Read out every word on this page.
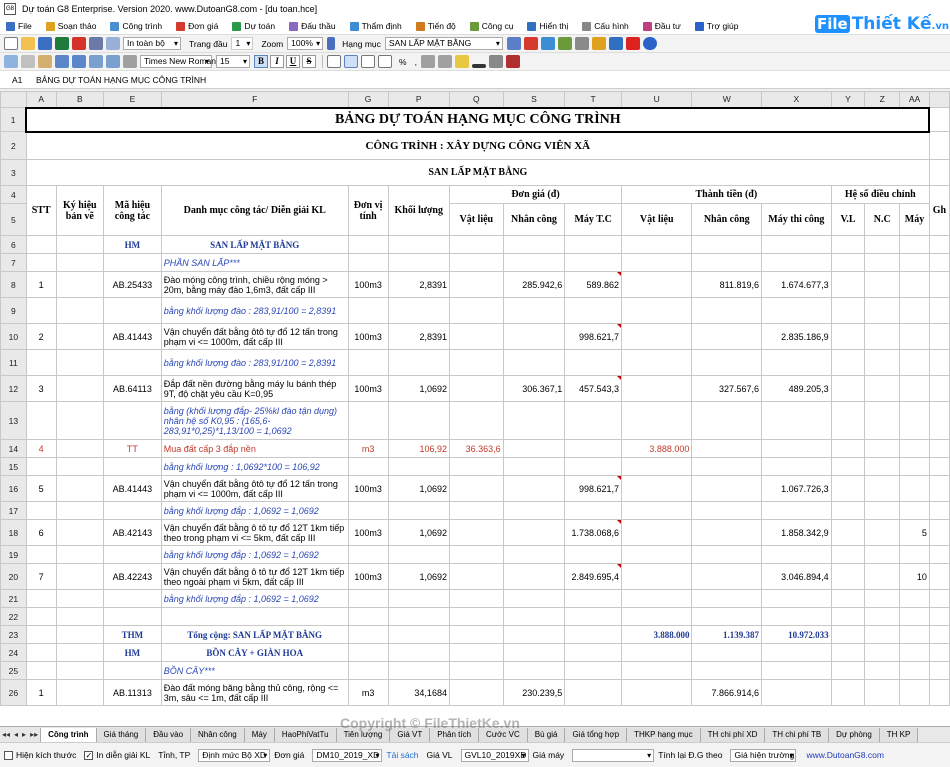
G8 Dự toán G8 Enterprise. Version 2020. www.DutoanG8.com - [du toan.hce]
File	Soạn thảo	Công trình	Đơn giá	Dự toán	Đấu thầu	Thẩm định	Tiến độ	Công cụ	Hiển thị	Cấu hình	Đầu tư	Trợ giúp	File Thiết Kế .vn
In toàn bộ ▾	Trang đầu 1 ▾	Zoom 100% ▾	Hạng mục SAN LẤP MẶT BẰNG ▾
Times New Roman ▾ 15 ▾	B	I	U	S	% ,
A1	BẢNG DỰ TOÁN HẠNG MỤC CÔNG TRÌNH
	A	B	E	F	G	P	Q	S	T	U	W	X	Y	Z	AA	
1	BẢNG DỰ TOÁN HẠNG MỤC CÔNG TRÌNH															
2	CÔNG TRÌNH : XÂY DỰNG CÔNG VIÊN XÃ															
3	SAN LẤP MẶT BẰNG															
4	STT	Ký hiệu bản vẽ	Mã hiệu công tác	Danh mục công tác/ Diễn giải KL	Đơn vị tính	Khối lượng	Đơn giá (đ)			Thành tiền (đ)			Hệ số điều chỉnh			Gh
5							Vật liệu	Nhân công	Máy T.C	Vật liệu	Nhân công	Máy thi công	V.L	N.C	Máy	
6			HM	SAN LẤP MẶT BẰNG												
7				PHẦN SAN LẤP***												
8	1		AB.25433	Đào móng công trình, chiều rộng móng > 20m, bằng máy đào 1,6m3, đất cấp III	100m3	2,8391		285.942,6	589.862		811.819,6	1.674.677,3				
9				bằng khối lượng đào : 283,91/100 = 2,8391												
10	2		AB.41443	Vận chuyển đất bằng ôtô tự đổ 12 tấn trong phạm vi <= 1000m, đất cấp III	100m3	2,8391			998.621,7			2.835.186,9				
11				bằng khối lượng đào : 283,91/100 = 2,8391												
12	3		AB.64113	Đắp đất nền đường bằng máy lu bánh thép 9T, độ chặt yêu cầu K=0,95	100m3	1,0692		306.367,1	457.543,3		327.567,6	489.205,3				
13				bằng (khối lượng đắp- 25%kl đào tận dụng) nhân hệ số K0,95 : (165,6-283,91*0,25)*1,13/100 = 1,0692												
14	4		TT	Mua đất cấp 3 đắp nền	m3	106,92	36.363,6			3.888.000						
15				bằng khối lượng : 1,0692*100 = 106,92												
16	5		AB.41443	Vận chuyển đất bằng ôtô tự đổ 12 tấn trong phạm vi <= 1000m, đất cấp III	100m3	1,0692			998.621,7			1.067.726,3				
17				bằng khối lượng đắp : 1,0692 = 1,0692												
18	6		AB.42143	Vận chuyển đất bằng ô tô tự đổ 12T 1km tiếp theo trong phạm vi <= 5km, đất cấp III	100m3	1,0692			1.738.068,6			1.858.342,9			5	
19				bằng khối lượng đắp : 1,0692 = 1,0692												
20	7		AB.42243	Vận chuyển đất bằng ô tô tự đổ 12T 1km tiếp theo ngoài phạm vi 5km, đất cấp III	100m3	1,0692			2.849.695,4			3.046.894,4			10	
21				bằng khối lượng đắp : 1,0692 = 1,0692												
22																
23			THM	Tổng cộng: SAN LẤP MẶT BẰNG						3.888.000	1.139.387	10.972.033				
24			HM	BỒN CÂY + GIÀN HOA												
25				BỒN CÂY***												
26	1		AB.11313	Đào đất móng băng bằng thủ công, rộng <= 3m, sâu <= 1m, đất cấp III	m3	34,1684		230.239,5			7.866.914,6					
◂◂ ◂ ▸ ▸▸	Công trình	Giá tháng	Đầu vào	Nhân công	Máy	HaoPhiVatTu	Tiên lượng	Giá VT	Phân tích	Cước VC	Bù giá	Giá tổng hợp	THKP hạng mục	TH chi phí XD	TH chi phí TB	Dự phòng	TH KP
Hiện kích thước ✓ In diễn giải KL Tỉnh, TP	Định mức Bộ XD ▾ Đơn giá	DM10_2019_XD ▾ Tải sách Giá VL	GVL10_2019XD ▾ Giá máy ▾	Tính lại Đ.G theo	Giá hiện trường ▾ www.DutoanG8.com
Copyright © FileThietKe.vn
